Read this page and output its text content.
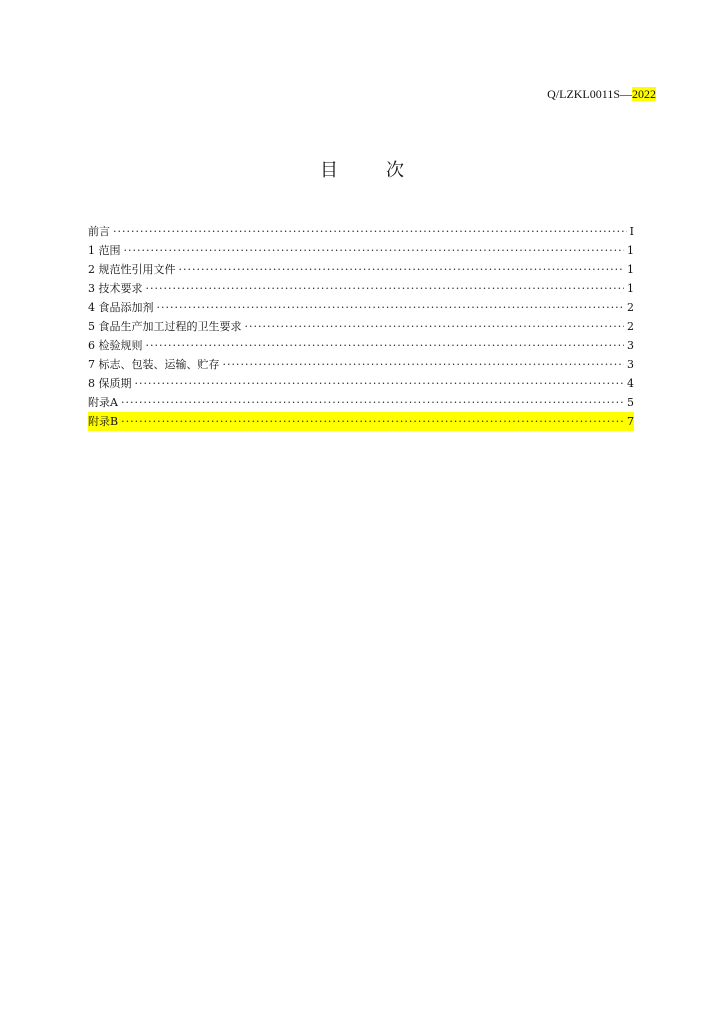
Q/LZKL0011S—2022
目	次
前言 ·····	I
1 范围 ·····	1
2 规范性引用文件 ·····	1
3 技术要求 ·····	1
4 食品添加剂 ·····	2
5 食品生产加工过程的卫生要求 ·····	2
6 检验规则 ·····	3
7 标志、包装、运输、贮存 ·····	3
8 保质期 ·····	4
附录A ·····	5
附录B ·····	7
